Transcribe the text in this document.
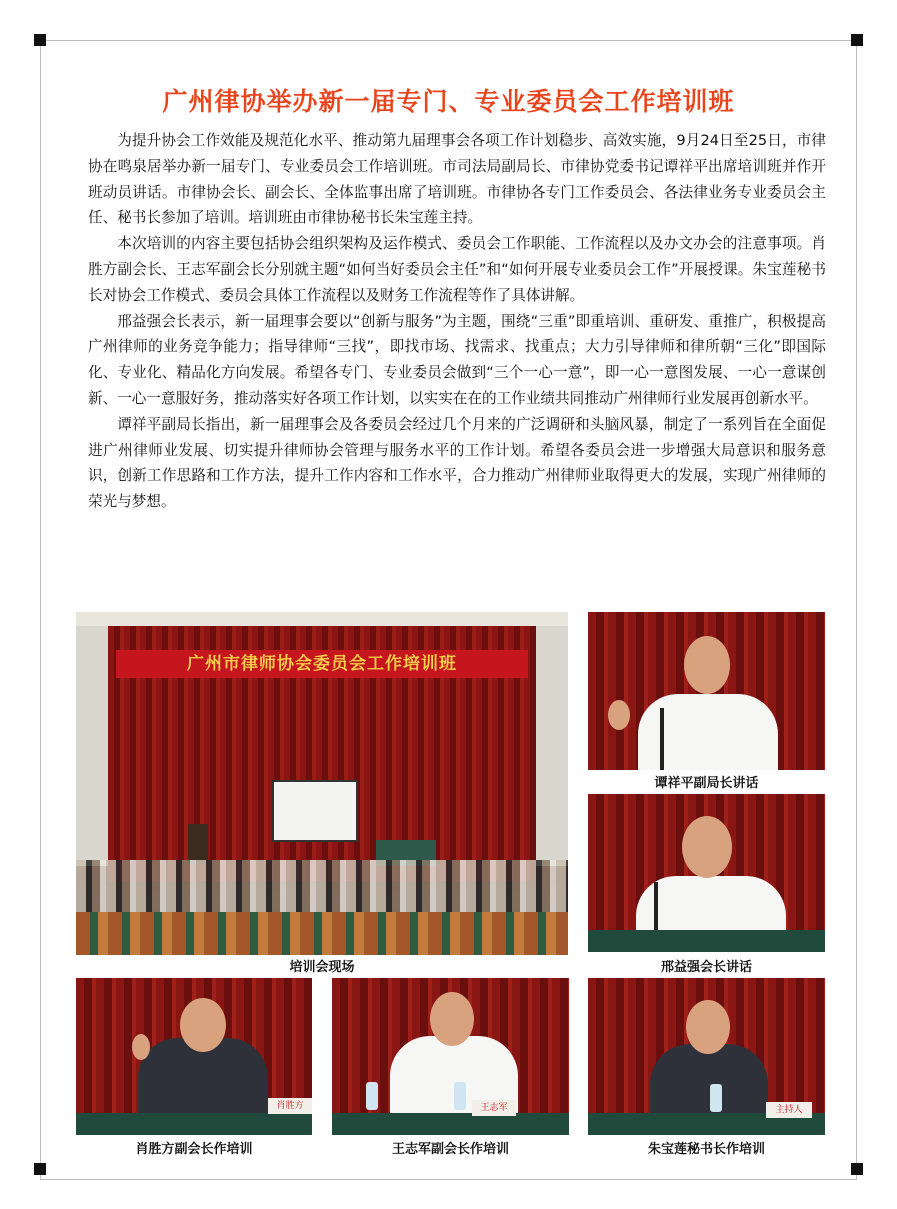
广州律协举办新一届专门、专业委员会工作培训班

为提升协会工作效能及规范化水平、推动第九届理事会各项工作计划稳步、高效实施，9月24日至25日，市律协在鸣泉居举办新一届专门、专业委员会工作培训班。市司法局副局长、市律协党委书记谭祥平出席培训班并作开班动员讲话。市律协会长、副会长、全体监事出席了培训班。市律协各专门工作委员会、各法律业务专业委员会主任、秘书长参加了培训。培训班由市律协秘书长朱宝莲主持。

本次培训的内容主要包括协会组织架构及运作模式、委员会工作职能、工作流程以及办文办会的注意事项。肖胜方副会长、王志军副会长分别就主题“如何当好委员会主任”和“如何开展专业委员会工作”开展授课。朱宝莲秘书长对协会工作模式、委员会具体工作流程以及财务工作流程等作了具体讲解。

邢益强会长表示，新一届理事会要以“创新与服务”为主题，围绕“三重”即重培训、重研发、重推广，积极提高广州律师的业务竞争能力；指导律师“三找”，即找市场、找需求、找重点；大力引导律师和律所朝“三化”即国际化、专业化、精品化方向发展。希望各专门、专业委员会做到“三个一心一意”，即一心一意图发展、一心一意谋创新、一心一意服好务，推动落实好各项工作计划，以实实在在的工作业绩共同推动广州律师行业发展再创新水平。

谭祥平副局长指出，新一届理事会及各委员会经过几个月来的广泛调研和头脑风暴，制定了一系列旨在全面促进广州律师业发展、切实提升律师协会管理与服务水平的工作计划。希望各委员会进一步增强大局意识和服务意识，创新工作思路和工作方法，提升工作内容和工作水平，合力推动广州律师业取得更大的发展，实现广州律师的荣光与梦想。

广州市律师协会委员会工作培训班
培训会现场
谭祥平副局长讲话
邢益强会长讲话
肖胜方
肖胜方副会长作培训
王志军
王志军副会长作培训
主持人
朱宝莲秘书长作培训
